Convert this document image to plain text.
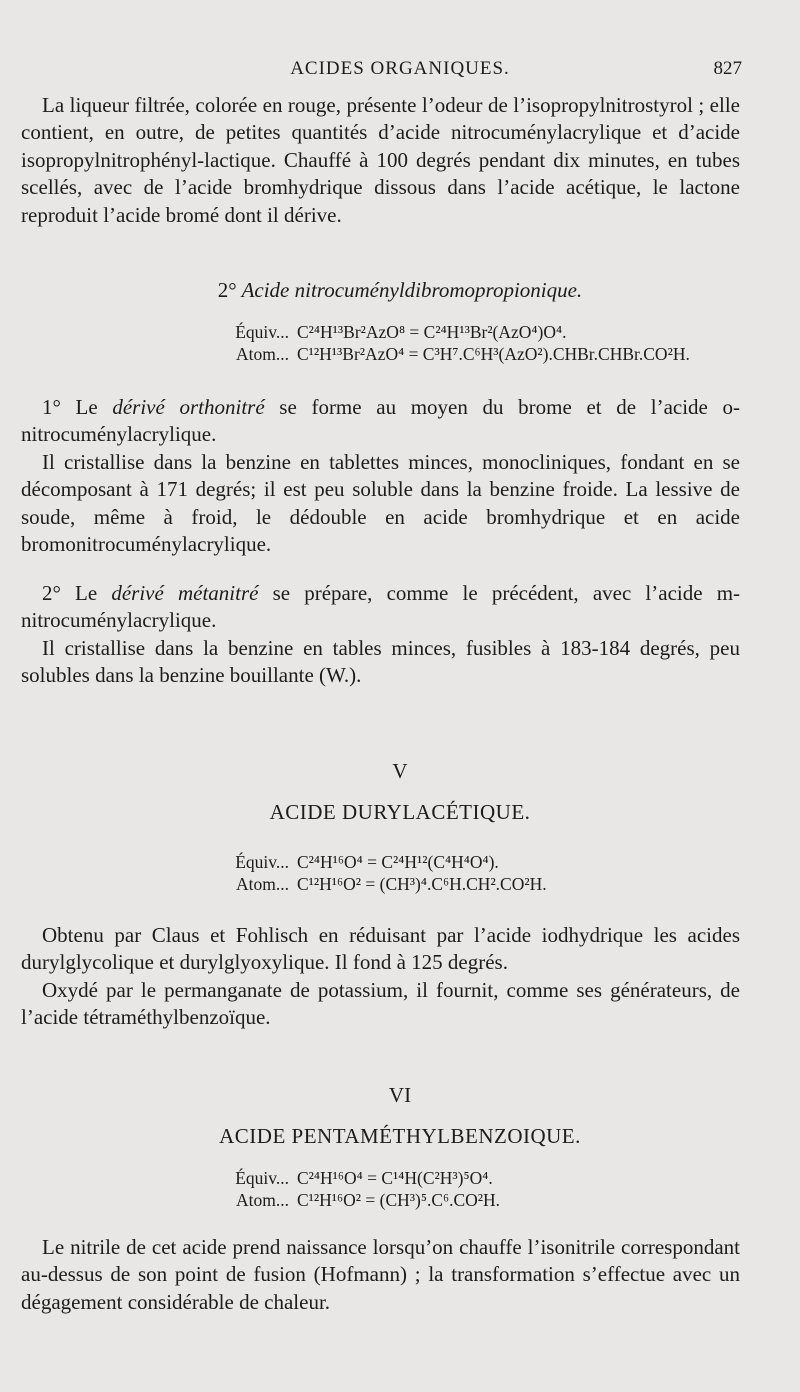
ACIDES ORGANIQUES.	827

La liqueur filtrée, colorée en rouge, présente l’odeur de l’isopropylnitrostyrol ; elle contient, en outre, de petites quantités d’acide nitrocuménylacrylique et d’acide isopropylnitrophényl-lactique. Chauffé à 100 degrés pendant dix minutes, en tubes scellés, avec de l’acide bromhydrique dissous dans l’acide acétique, le lactone reproduit l’acide bromé dont il dérive.

2° Acide nitrocuményldibromopropionique.
Équiv... C²⁴H¹³Br²AzO⁸ = C²⁴H¹³Br²(AzO⁴)O⁴.
Atom... C¹²H¹³Br²AzO⁴ = C³H⁷.C⁶H³(AzO²).CHBr.CHBr.CO²H.

1° Le dérivé orthonitré se forme au moyen du brome et de l’acide o-nitrocuménylacrylique.

Il cristallise dans la benzine en tablettes minces, monocliniques, fondant en se décomposant à 171 degrés; il est peu soluble dans la benzine froide. La lessive de soude, même à froid, le dédouble en acide bromhydrique et en acide bromonitrocuménylacrylique.

2° Le dérivé métanitré se prépare, comme le précédent, avec l’acide m-nitrocuménylacrylique.

Il cristallise dans la benzine en tables minces, fusibles à 183-184 degrés, peu solubles dans la benzine bouillante (W.).

V
ACIDE DURYLACÉTIQUE.
Équiv... C²⁴H¹⁶O⁴ = C²⁴H¹²(C⁴H⁴O⁴).
Atom... C¹²H¹⁶O² = (CH³)⁴.C⁶H.CH².CO²H.

Obtenu par Claus et Fohlisch en réduisant par l’acide iodhydrique les acides durylglycolique et durylglyoxylique. Il fond à 125 degrés.

Oxydé par le permanganate de potassium, il fournit, comme ses générateurs, de l’acide tétraméthylbenzoïque.

VI
ACIDE PENTAMÉTHYLBENZOIQUE.
Équiv... C²⁴H¹⁶O⁴ = C¹⁴H(C²H³)⁵O⁴.
Atom... C¹²H¹⁶O² = (CH³)⁵.C⁶.CO²H.

Le nitrile de cet acide prend naissance lorsqu’on chauffe l’isonitrile correspondant au-dessus de son point de fusion (Hofmann) ; la transformation s’effectue avec un dégagement considérable de chaleur.
